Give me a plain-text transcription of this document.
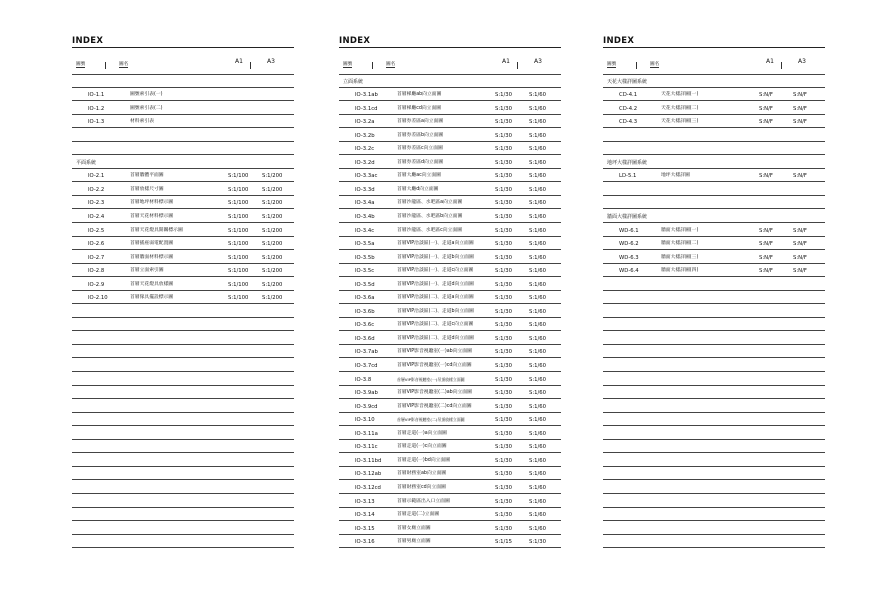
INDEX
圖號	圖名	A1	A3
IO-1.1	圖號索引表(一)
IO-1.2	圖號索引表(二)
IO-1.3	材料索引表
平面系統
IO-2.1	首層牆體平面圖	S:1/100	S:1/200
IO-2.2	首層放樣尺寸圖	S:1/100	S:1/200
IO-2.3	首層地坪材料標示圖	S:1/100	S:1/200
IO-2.4	首層天花材料標示圖	S:1/100	S:1/200
IO-2.5	首層天花燈具開關標示圖	S:1/100	S:1/200
IO-2.6	首層插座弱電配置圖	S:1/100	S:1/200
IO-2.7	首層牆面材料標示圖	S:1/100	S:1/200
IO-2.8	首層立面索引圖	S:1/100	S:1/200
IO-2.9	首層天花燈具放樣圖	S:1/100	S:1/200
IO-2.10	首層傢具擺設標示圖	S:1/100	S:1/200
INDEX
圖號	圖名	A1	A3
立面系統
IO-3.1ab	首層梯廳ab向立面圖	S:1/30	S:1/60
IO-3.1cd	首層梯廳cd向立面圖	S:1/30	S:1/60
IO-3.2a	首層券差區a向立面圖	S:1/30	S:1/60
IO-3.2b	首層券差區b向立面圖	S:1/30	S:1/60
IO-3.2c	首層券差區c向立面圖	S:1/30	S:1/60
IO-3.2d	首層券差區d向立面圖	S:1/30	S:1/60
IO-3.3ac	首層大廳ac向立面圖	S:1/30	S:1/60
IO-3.3d	首層大廳d向立面圖	S:1/30	S:1/60
IO-3.4a	首層沙龍區、水吧區a向立面圖	S:1/30	S:1/60
IO-3.4b	首層沙龍區、水吧區b向立面圖	S:1/30	S:1/60
IO-3.4c	首層沙龍區、水吧區c向立面圖	S:1/30	S:1/60
IO-3.5a	首層VIP洽談區(一)、走道a向立面圖	S:1/30	S:1/60
IO-3.5b	首層VIP洽談區(一)、走道b向立面圖	S:1/30	S:1/60
IO-3.5c	首層VIP洽談區(一)、走道c向立面圖	S:1/30	S:1/60
IO-3.5d	首層VIP洽談區(一)、走道d向立面圖	S:1/30	S:1/60
IO-3.6a	首層VIP洽談區(二)、走道a向立面圖	S:1/30	S:1/60
IO-3.6b	首層VIP洽談區(二)、走道b向立面圖	S:1/30	S:1/60
IO-3.6c	首層VIP洽談區(二)、走道c向立面圖	S:1/30	S:1/60
IO-3.6d	首層VIP洽談區(二)、走道d向立面圖	S:1/30	S:1/60
IO-3.7ab	首層VIP影音視聽室(一)ab向立面圖	S:1/30	S:1/60
IO-3.7cd	首層VIP影音視聽室(一)cd向立面圖	S:1/30	S:1/60
IO-3.8	首層VIP影音視聽室(一)吊頂放樣立面圖	S:1/30	S:1/60
IO-3.9ab	首層VIP影音視聽室(二)ab向立面圖	S:1/30	S:1/60
IO-3.9cd	首層VIP影音視聽室(二)cd向立面圖	S:1/30	S:1/60
IO-3.10	首層VIP影音視聽室(二)吊頂放樣立面圖	S:1/30	S:1/60
IO-3.11a	首層走道(一)a向立面圖	S:1/30	S:1/60
IO-3.11c	首層走道(一)c向立面圖	S:1/30	S:1/60
IO-3.11bd	首層走道(一)bd向立面圖	S:1/30	S:1/60
IO-3.12ab	首層財務室ab向立面圖	S:1/30	S:1/60
IO-3.12cd	首層財務室cd向立面圖	S:1/30	S:1/60
IO-3.13	首層示範區出入口立面圖	S:1/30	S:1/60
IO-3.14	首層走道(二)立面圖	S:1/30	S:1/60
IO-3.15	首層女廁立面圖	S:1/30	S:1/60
IO-3.16	首層男廁立面圖	S:1/15	S:1/30
INDEX
圖號	圖名	A1	A3
天花大樣詳圖系統
CD-4.1	天花大樣詳圖(一)	S:N/F	S:N/F
CD-4.2	天花大樣詳圖(二)	S:N/F	S:N/F
CD-4.3	天花大樣詳圖(三)	S:N/F	S:N/F
地坪大樣詳圖系統
LD-5.1	地坪大樣詳圖	S:N/F	S:N/F
牆面大樣詳圖系統
WD-6.1	牆面大樣詳圖(一)	S:N/F	S:N/F
WD-6.2	牆面大樣詳圖(二)	S:N/F	S:N/F
WD-6.3	牆面大樣詳圖(三)	S:N/F	S:N/F
WD-6.4	牆面大樣詳圖(四)	S:N/F	S:N/F
